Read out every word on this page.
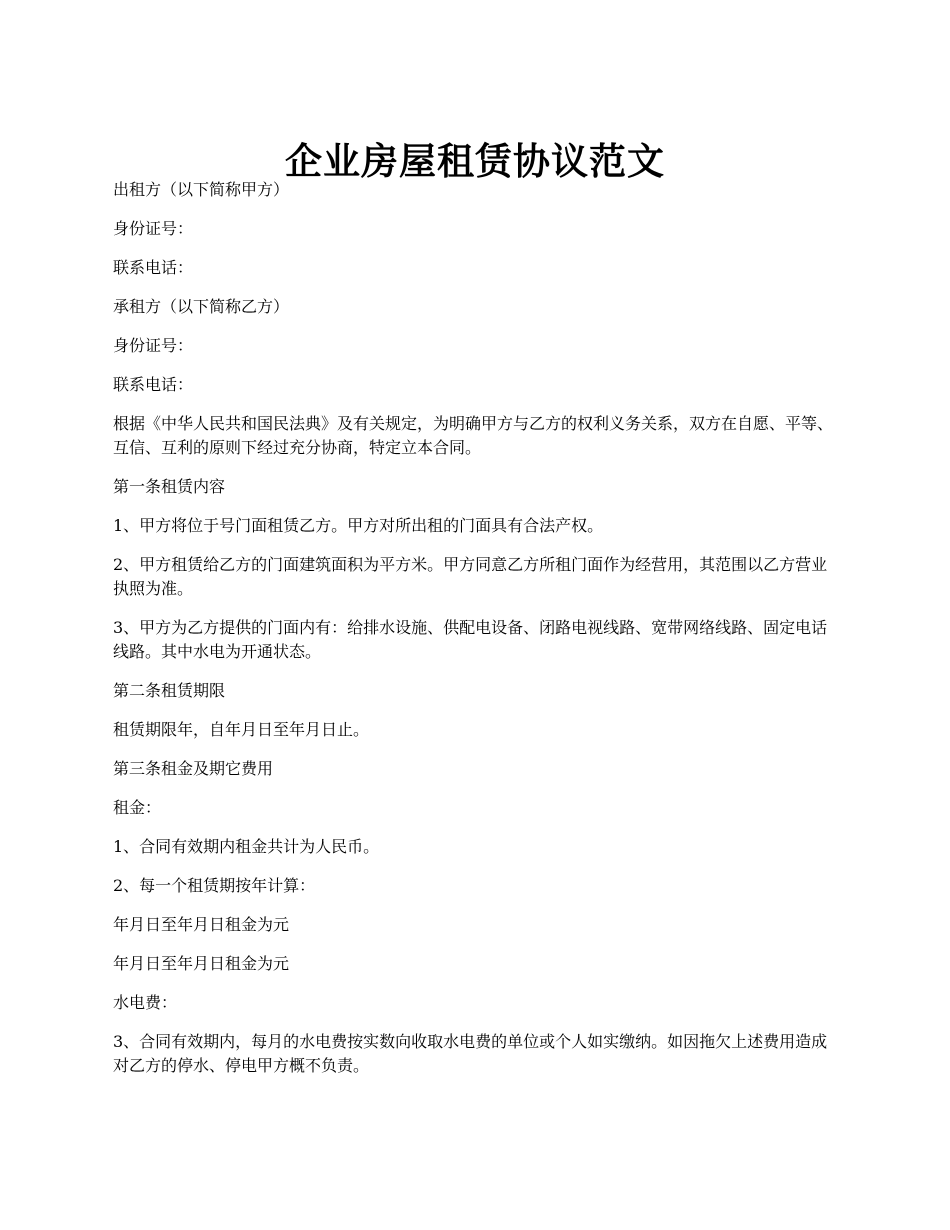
企业房屋租赁协议范文

出租方（以下简称甲方）

身份证号：

联系电话：

承租方（以下简称乙方）

身份证号：

联系电话：

根据《中华人民共和国民法典》及有关规定，为明确甲方与乙方的权利义务关系，双方在自愿、平等、互信、互利的原则下经过充分协商，特定立本合同。

第一条租赁内容

1、甲方将位于号门面租赁乙方。甲方对所出租的门面具有合法产权。

2、甲方租赁给乙方的门面建筑面积为平方米。甲方同意乙方所租门面作为经营用，其范围以乙方营业执照为准。

3、甲方为乙方提供的门面内有：给排水设施、供配电设备、闭路电视线路、宽带网络线路、固定电话线路。其中水电为开通状态。

第二条租赁期限

租赁期限年，自年月日至年月日止。

第三条租金及期它费用

租金：

1、合同有效期内租金共计为人民币。

2、每一个租赁期按年计算：

年月日至年月日租金为元

年月日至年月日租金为元

水电费：

3、合同有效期内，每月的水电费按实数向收取水电费的单位或个人如实缴纳。如因拖欠上述费用造成对乙方的停水、停电甲方概不负责。
